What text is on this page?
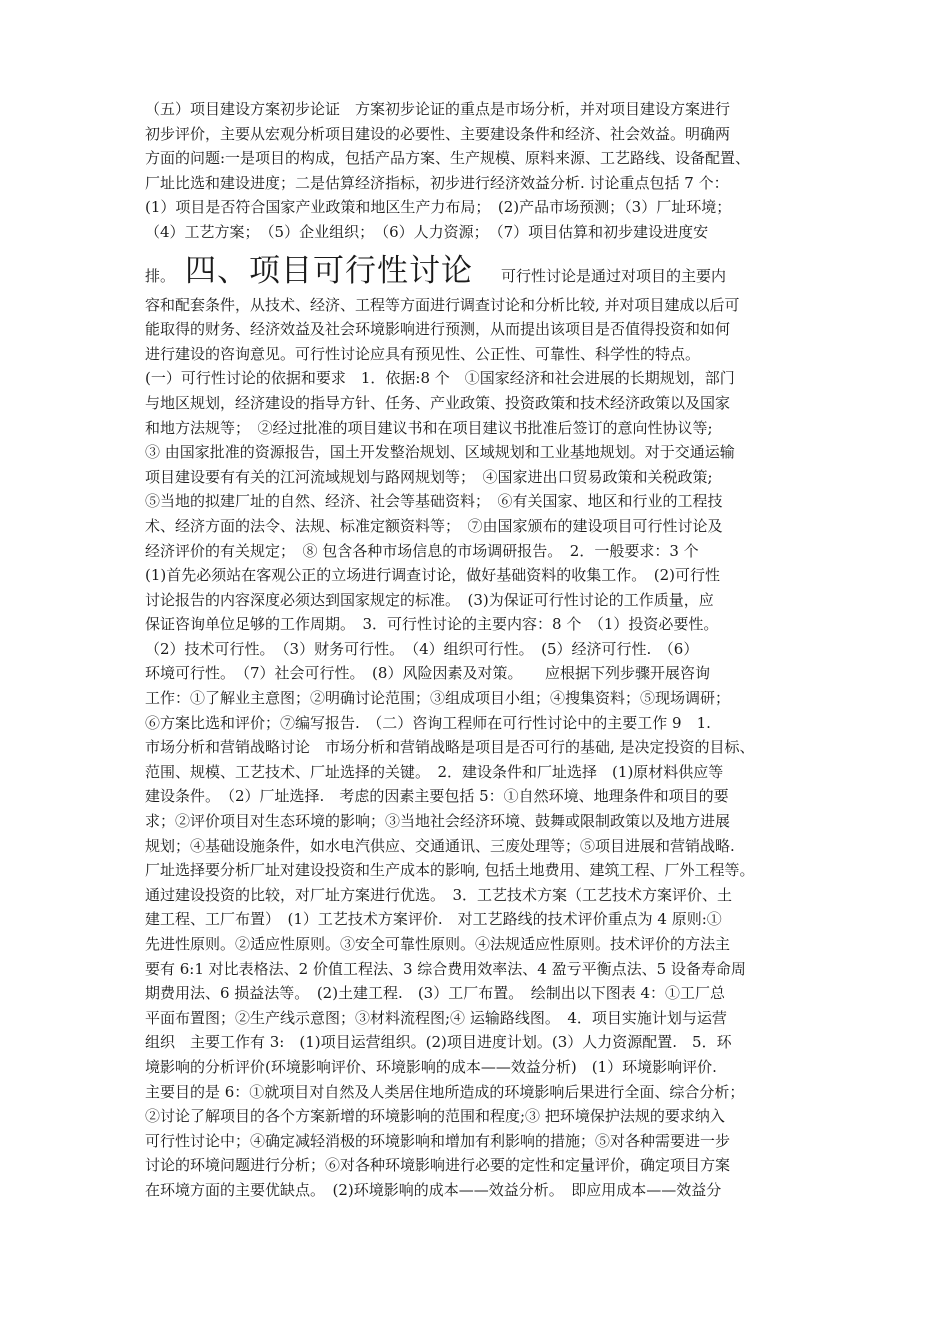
（五）项目建设方案初步论证　方案初步论证的重点是市场分析，并对项目建设方案进行
初步评价，主要从宏观分析项目建设的必要性、主要建设条件和经济、社会效益。明确两
方面的问题:一是项目的构成，包括产品方案、生产规模、原料来源、工艺路线、设备配置、
厂址比选和建设进度；二是估算经济指标，初步进行经济效益分析. 讨论重点包括 7 个：
(1）项目是否符合国家产业政策和地区生产力布局；　(2)产品市场预测；（3）厂址环境；
（4）工艺方案；　（5）企业组织；　（6）人力资源；　（7）项目估算和初步建设进度安
排。 四、项目可行性讨论 可行性讨论是通过对项目的主要内
容和配套条件，从技术、经济、工程等方面进行调查讨论和分析比较, 并对项目建成以后可
能取得的财务、经济效益及社会环境影响进行预测，从而提出该项目是否值得投资和如何
进行建设的咨询意见。可行性讨论应具有预见性、公正性、可靠性、科学性的特点。
(一）可行性讨论的依据和要求　1．依据:8 个　①国家经济和社会进展的长期规划，部门
与地区规划，经济建设的指导方针、任务、产业政策、投资政策和技术经济政策以及国家
和地方法规等；　②经过批准的项目建议书和在项目建议书批准后签订的意向性协议等;
③ 由国家批准的资源报告，国土开发整治规划、区域规划和工业基地规划。对于交通运输
项目建设要有有关的江河流域规划与路网规划等；　④国家进出口贸易政策和关税政策;
⑤当地的拟建厂址的自然、经济、社会等基础资料；　⑥有关国家、地区和行业的工程技
术、经济方面的法令、法规、标准定额资料等；　⑦由国家颁布的建设项目可行性讨论及
经济评价的有关规定；　⑧ 包含各种市场信息的市场调研报告。　2．一般要求：3 个
(1)首先必须站在客观公正的立场进行调查讨论，做好基础资料的收集工作。　(2)可行性
讨论报告的内容深度必须达到国家规定的标准。　(3)为保证可行性讨论的工作质量，应
保证咨询单位足够的工作周期。　3．可行性讨论的主要内容：8 个　（1）投资必要性。
（2）技术可行性。　（3）财务可行性。　（4）组织可行性。　(5）经济可行性.　（6）
环境可行性。　（7）社会可行性。　(8）风险因素及对策。　　应根据下列步骤开展咨询
工作：①了解业主意图；②明确讨论范围；③组成项目小组；④搜集资料；⑤现场调研；
⑥方案比选和评价；⑦编写报告.　（二）咨询工程师在可行性讨论中的主要工作 9　1.
市场分析和营销战略讨论　市场分析和营销战略是项目是否可行的基础, 是决定投资的目标、
范围、规模、工艺技术、厂址选择的关键。　2．建设条件和厂址选择　(1)原材料供应等
建设条件。　（2）厂址选择.　考虑的因素主要包括 5：①自然环境、地理条件和项目的要
求；②评价项目对生态环境的影响；③当地社会经济环境、鼓舞或限制政策以及地方进展
规划；④基础设施条件，如水电汽供应、交通通讯、三废处理等；⑤项目进展和营销战略.
厂址选择要分析厂址对建设投资和生产成本的影响, 包括土地费用、建筑工程、厂外工程等。
通过建设投资的比较，对厂址方案进行优选。　3．工艺技术方案（工艺技术方案评价、土
建工程、工厂布置）　(1）工艺技术方案评价.　对工艺路线的技术评价重点为 4 原则:①
先进性原则。②适应性原则。③安全可靠性原则。④法规适应性原则。技术评价的方法主
要有 6:1 对比表格法、2 价值工程法、3 综合费用效率法、4 盈亏平衡点法、5 设备寿命周
期费用法、6 损益法等。　(2)土建工程.　(3）工厂布置。　绘制出以下图表 4：①工厂总
平面布置图；②生产线示意图；③材料流程图;④ 运输路线图。　4．项目实施计划与运营
组织　主要工作有 3:　(1)项目运营组织。(2)项目进度计划。(3）人力资源配置.　5．环
境影响的分析评价(环境影响评价、环境影响的成本——效益分析)　(1）环境影响评价.
主要目的是 6：①就项目对自然及人类居住地所造成的环境影响后果进行全面、综合分析；
②讨论了解项目的各个方案新增的环境影响的范围和程度;③ 把环境保护法规的要求纳入
可行性讨论中；④确定减轻消极的环境影响和增加有利影响的措施；⑤对各种需要进一步
讨论的环境问题进行分析；⑥对各种环境影响进行必要的定性和定量评价，确定项目方案
在环境方面的主要优缺点。　(2)环境影响的成本——效益分析。　即应用成本——效益分
